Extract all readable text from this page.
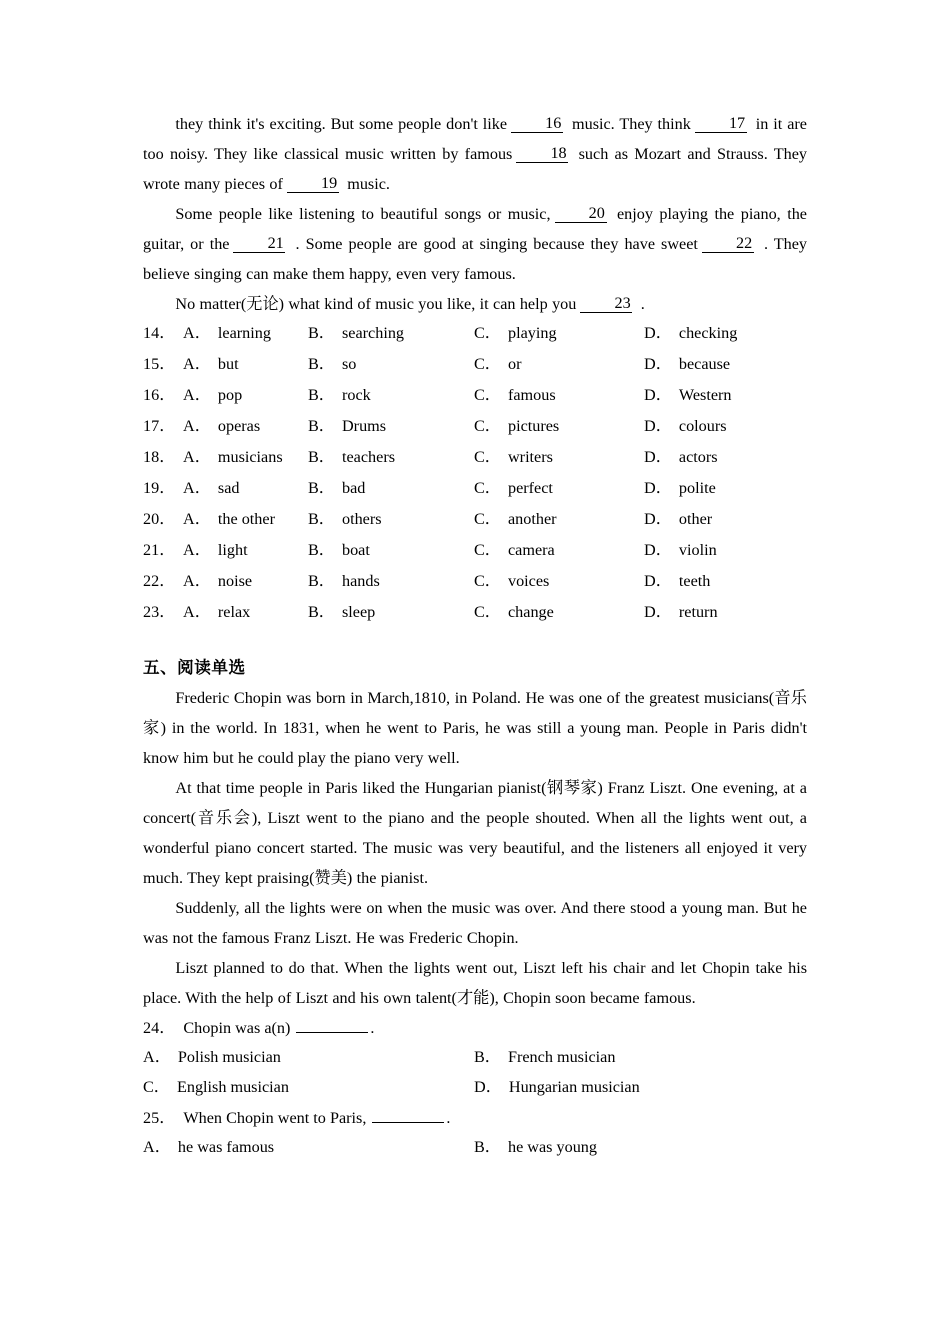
they think it's exciting. But some people don't like 16 music. They think 17 in it are too noisy. They like classical music written by famous 18 such as Mozart and Strauss. They wrote many pieces of 19 music.

Some people like listening to beautiful songs or music, 20 enjoy playing the piano, the guitar, or the 21 . Some people are good at singing because they have sweet 22 . They believe singing can make them happy, even very famous.

No matter(无论) what kind of music you like, it can help you 23 .

14． A． learning B． searching	C． playing	D． checking
15． A． but	B． so	C． or	D． because
16． A． pop	B． rock	C． famous	D． Western
17． A． operas	B． Drums	C． pictures	D． colours
18． A． musicians B． teachers	C． writers	D． actors
19． A． sad	B． bad	C． perfect	D． polite
20． A． the other B． others	C． another	D． other
21． A． light	B． boat	C． camera	D． violin
22． A． noise	B． hands	C． voices	D． teeth
23． A． relax	B． sleep	C． change	D． return
五、阅读单选

Frederic Chopin was born in March,1810, in Poland. He was one of the greatest musicians(音乐家) in the world. In 1831, when he went to Paris, he was still a young man. People in Paris didn't know him but he could play the piano very well.

At that time people in Paris liked the Hungarian pianist(钢琴家) Franz Liszt. One evening, at a concert(音乐会), Liszt went to the piano and the people shouted. When all the lights went out, a wonderful piano concert started. The music was very beautiful, and the listeners all enjoyed it very much. They kept praising(赞美) the pianist.

Suddenly, all the lights were on when the music was over. And there stood a young man. But he was not the famous Franz Liszt. He was Frederic Chopin.

Liszt planned to do that. When the lights went out, Liszt left his chair and let Chopin take his place. With the help of Liszt and his own talent(才能), Chopin soon became famous.

24． Chopin was a(n)	.

A． Polish musician	B． French musician
C． English musician	D． Hungarian musician

25． When Chopin went to Paris,	.

A． he was famous	B． he was young
